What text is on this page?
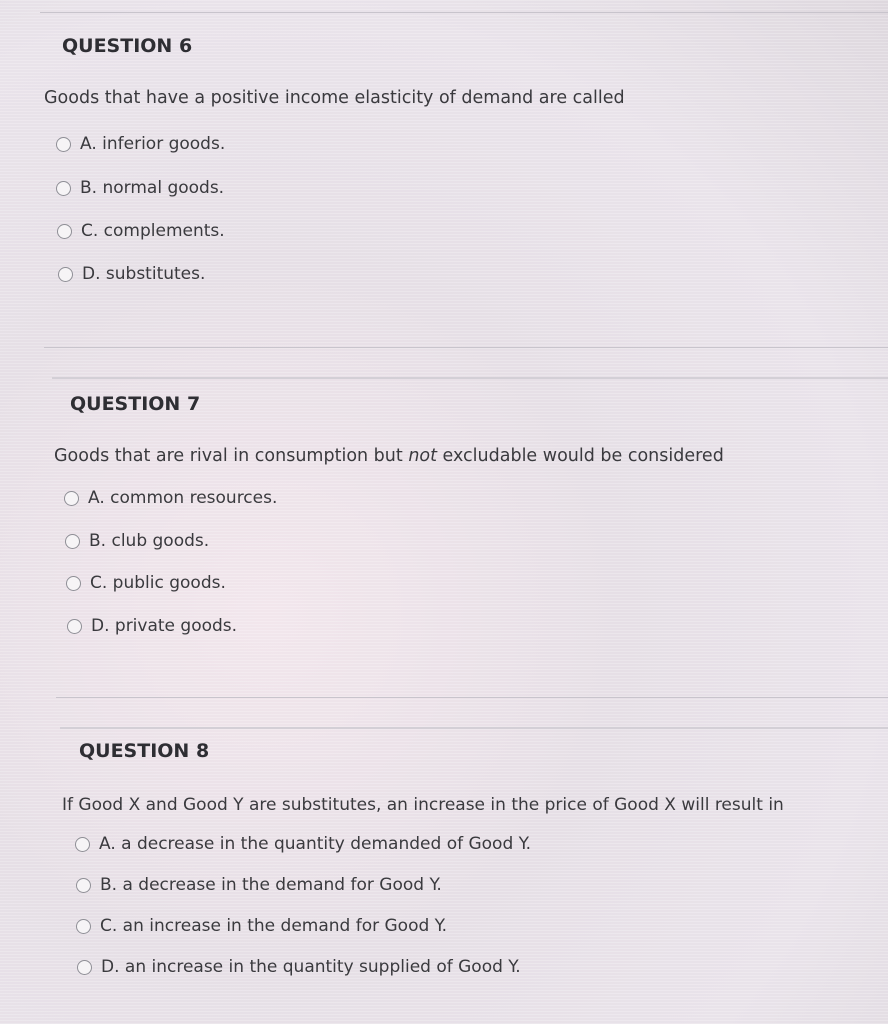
QUESTION 6
Goods that have a positive income elasticity of demand are called
A. inferior goods.
B. normal goods.
C. complements.
D. substitutes.
QUESTION 7
Goods that are rival in consumption but not excludable would be considered
A. common resources.
B. club goods.
C. public goods.
D. private goods.
QUESTION 8
If Good X and Good Y are substitutes, an increase in the price of Good X will result in
A. a decrease in the quantity demanded of Good Y.
B. a decrease in the demand for Good Y.
C. an increase in the demand for Good Y.
D. an increase in the quantity supplied of Good Y.
